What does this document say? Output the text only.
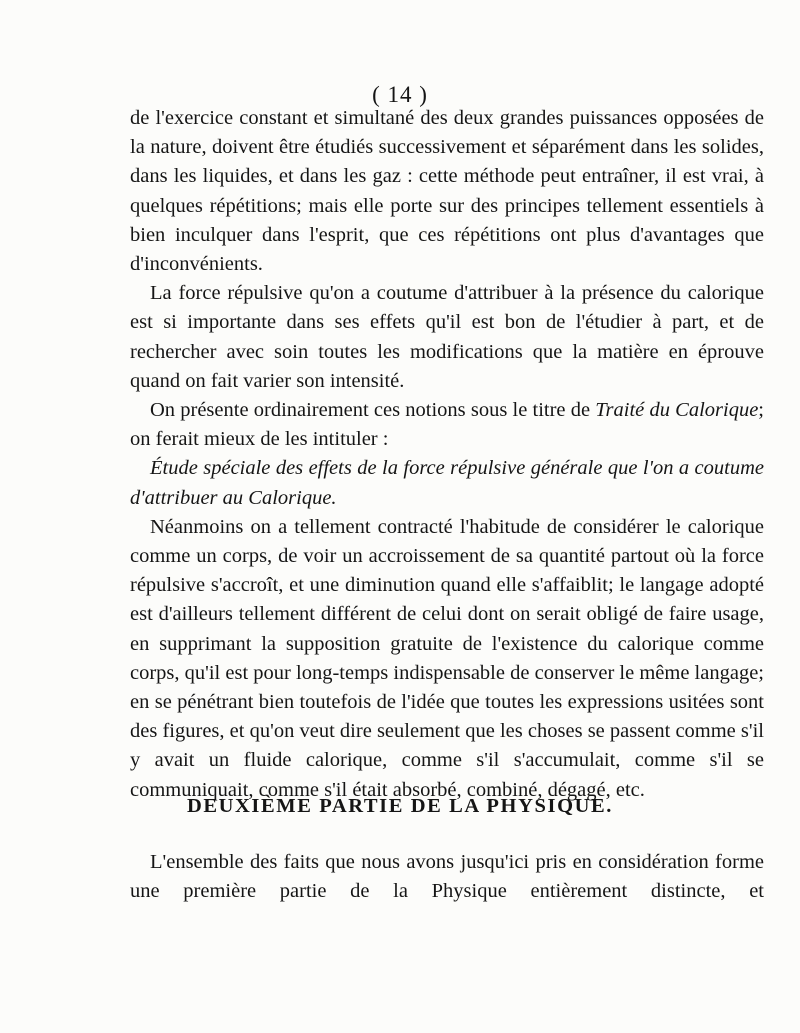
( 14 )

de l'exercice constant et simultané des deux grandes puissances opposées de la nature, doivent être étudiés successivement et séparément dans les solides, dans les liquides, et dans les gaz : cette méthode peut entraîner, il est vrai, à quelques répétitions; mais elle porte sur des principes tellement essentiels à bien inculquer dans l'esprit, que ces répétitions ont plus d'avantages que d'inconvénients.

La force répulsive qu'on a coutume d'attribuer à la présence du calorique est si importante dans ses effets qu'il est bon de l'étudier à part, et de rechercher avec soin toutes les modifications que la matière en éprouve quand on fait varier son intensité.

On présente ordinairement ces notions sous le titre de Traité du Calorique; on ferait mieux de les intituler :

Étude spéciale des effets de la force répulsive générale que l'on a coutume d'attribuer au Calorique.

Néanmoins on a tellement contracté l'habitude de considérer le calorique comme un corps, de voir un accroissement de sa quantité partout où la force répulsive s'accroît, et une diminution quand elle s'affaiblit; le langage adopté est d'ailleurs tellement différent de celui dont on serait obligé de faire usage, en supprimant la supposition gratuite de l'existence du calorique comme corps, qu'il est pour long-temps indispensable de conserver le même langage; en se pénétrant bien toutefois de l'idée que toutes les expressions usitées sont des figures, et qu'on veut dire seulement que les choses se passent comme s'il y avait un fluide calorique, comme s'il s'accumulait, comme s'il se communiquait, comme s'il était absorbé, combiné, dégagé, etc.

DEUXIÈME PARTIE DE LA PHYSIQUE.

L'ensemble des faits que nous avons jusqu'ici pris en considération forme une première partie de la Physique entièrement distincte, et
